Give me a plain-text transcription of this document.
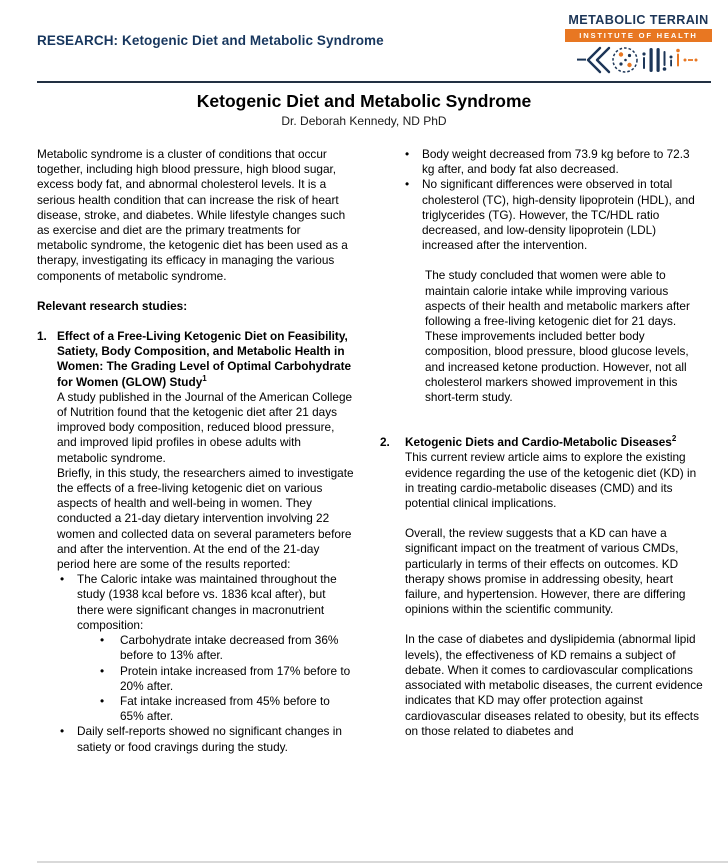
RESEARCH: Ketogenic Diet and Metabolic Syndrome
METABOLIC TERRAIN
INSTITUTE OF HEALTH
Ketogenic Diet and Metabolic Syndrome
Dr. Deborah Kennedy, ND PhD

Metabolic syndrome is a cluster of conditions that occur together, including high blood pressure, high blood sugar, excess body fat, and abnormal cholesterol levels. It is a serious health condition that can increase the risk of heart disease, stroke, and diabetes. While lifestyle changes such as exercise and diet are the primary treatments for metabolic syndrome, the ketogenic diet has been used as a therapy, investigating its efficacy in managing the various components of metabolic syndrome.

Relevant research studies:

1. Effect of a Free-Living Ketogenic Diet on Feasibility, Satiety, Body Composition, and Metabolic Health in Women: The Grading Level of Optimal Carbohydrate for Women (GLOW) Study$^1$

A study published in the Journal of the American College of Nutrition found that the ketogenic diet after 21 days improved body composition, reduced blood pressure, and improved lipid profiles in obese adults with metabolic syndrome.

Briefly, in this study, the researchers aimed to investigate the effects of a free-living ketogenic diet on various aspects of health and well-being in women. They conducted a 21-day dietary intervention involving 22 women and collected data on several parameters before and after the intervention. At the end of the 21-day period here are some of the results reported:

•
The Caloric intake was maintained throughout the study (1938 kcal before vs. 1836 kcal after), but there were significant changes in macronutrient composition:
•
Carbohydrate intake decreased from 36% before to 13% after.
•
Protein intake increased from 17% before to 20% after.
•
Fat intake increased from 45% before to 65% after.
•
Daily self-reports showed no significant changes in satiety or food cravings during the study.
•
Body weight decreased from 73.9 kg before to 72.3 kg after, and body fat also decreased.
•
No significant differences were observed in total cholesterol (TC), high-density lipoprotein (HDL), and triglycerides (TG). However, the TC/HDL ratio decreased, and low-density lipoprotein (LDL) increased after the intervention.

The study concluded that women were able to maintain calorie intake while improving various aspects of their health and metabolic markers after following a free-living ketogenic diet for 21 days. These improvements included better body composition, blood pressure, blood glucose levels, and increased ketone production. However, not all cholesterol markers showed improvement in this short-term study.

2.	Ketogenic Diets and Cardio-Metabolic Diseases$^2$

This current review article aims to explore the existing evidence regarding the use of the ketogenic diet (KD) in in treating cardio-metabolic diseases (CMD) and its potential clinical implications.

Overall, the review suggests that a KD can have a significant impact on the treatment of various CMDs, particularly in terms of their effects on outcomes. KD therapy shows promise in addressing obesity, heart failure, and hypertension. However, there are differing opinions within the scientific community.

In the case of diabetes and dyslipidemia (abnormal lipid levels), the effectiveness of KD remains a subject of debate. When it comes to cardiovascular complications associated with metabolic diseases, the current evidence indicates that KD may offer protection against cardiovascular diseases related to obesity, but its effects on those related to diabetes and
